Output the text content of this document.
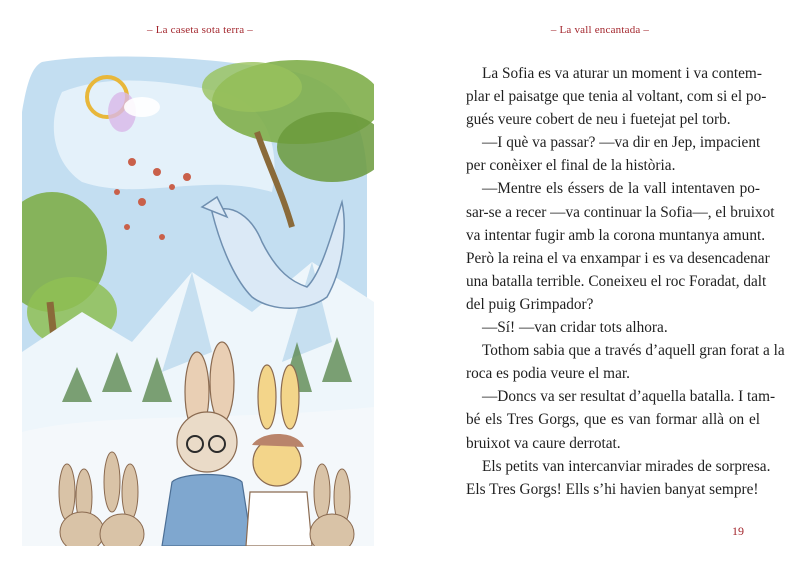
– La caseta sota terra –	– La vall encantada –
La Sofia es va aturar un moment i va contem-
plar el paisatge que tenia al voltant, com si el po-
gués veure cobert de neu i fuetejat pel torb.
—I què va passar? —va dir en Jep, impacient
per conèixer el final de la història.
—Mentre els éssers de la vall intentaven po-
sar-se a recer —va continuar la Sofia—, el bruixot
va intentar fugir amb la corona muntanya amunt.
Però la reina el va enxampar i es va desencadenar
una batalla terrible. Coneixeu el roc Foradat, dalt
del puig Grimpador?
—Sí! —van cridar tots alhora.
Tothom sabia que a través d’aquell gran forat a la
roca es podia veure el mar.
—Doncs va ser resultat d’aquella batalla. I tam-
bé els Tres Gorgs, que es van formar allà on el
bruixot va caure derrotat.
Els petits van intercanviar mirades de sorpresa.
Els Tres Gorgs! Ells s’hi havien banyat sempre!
19
